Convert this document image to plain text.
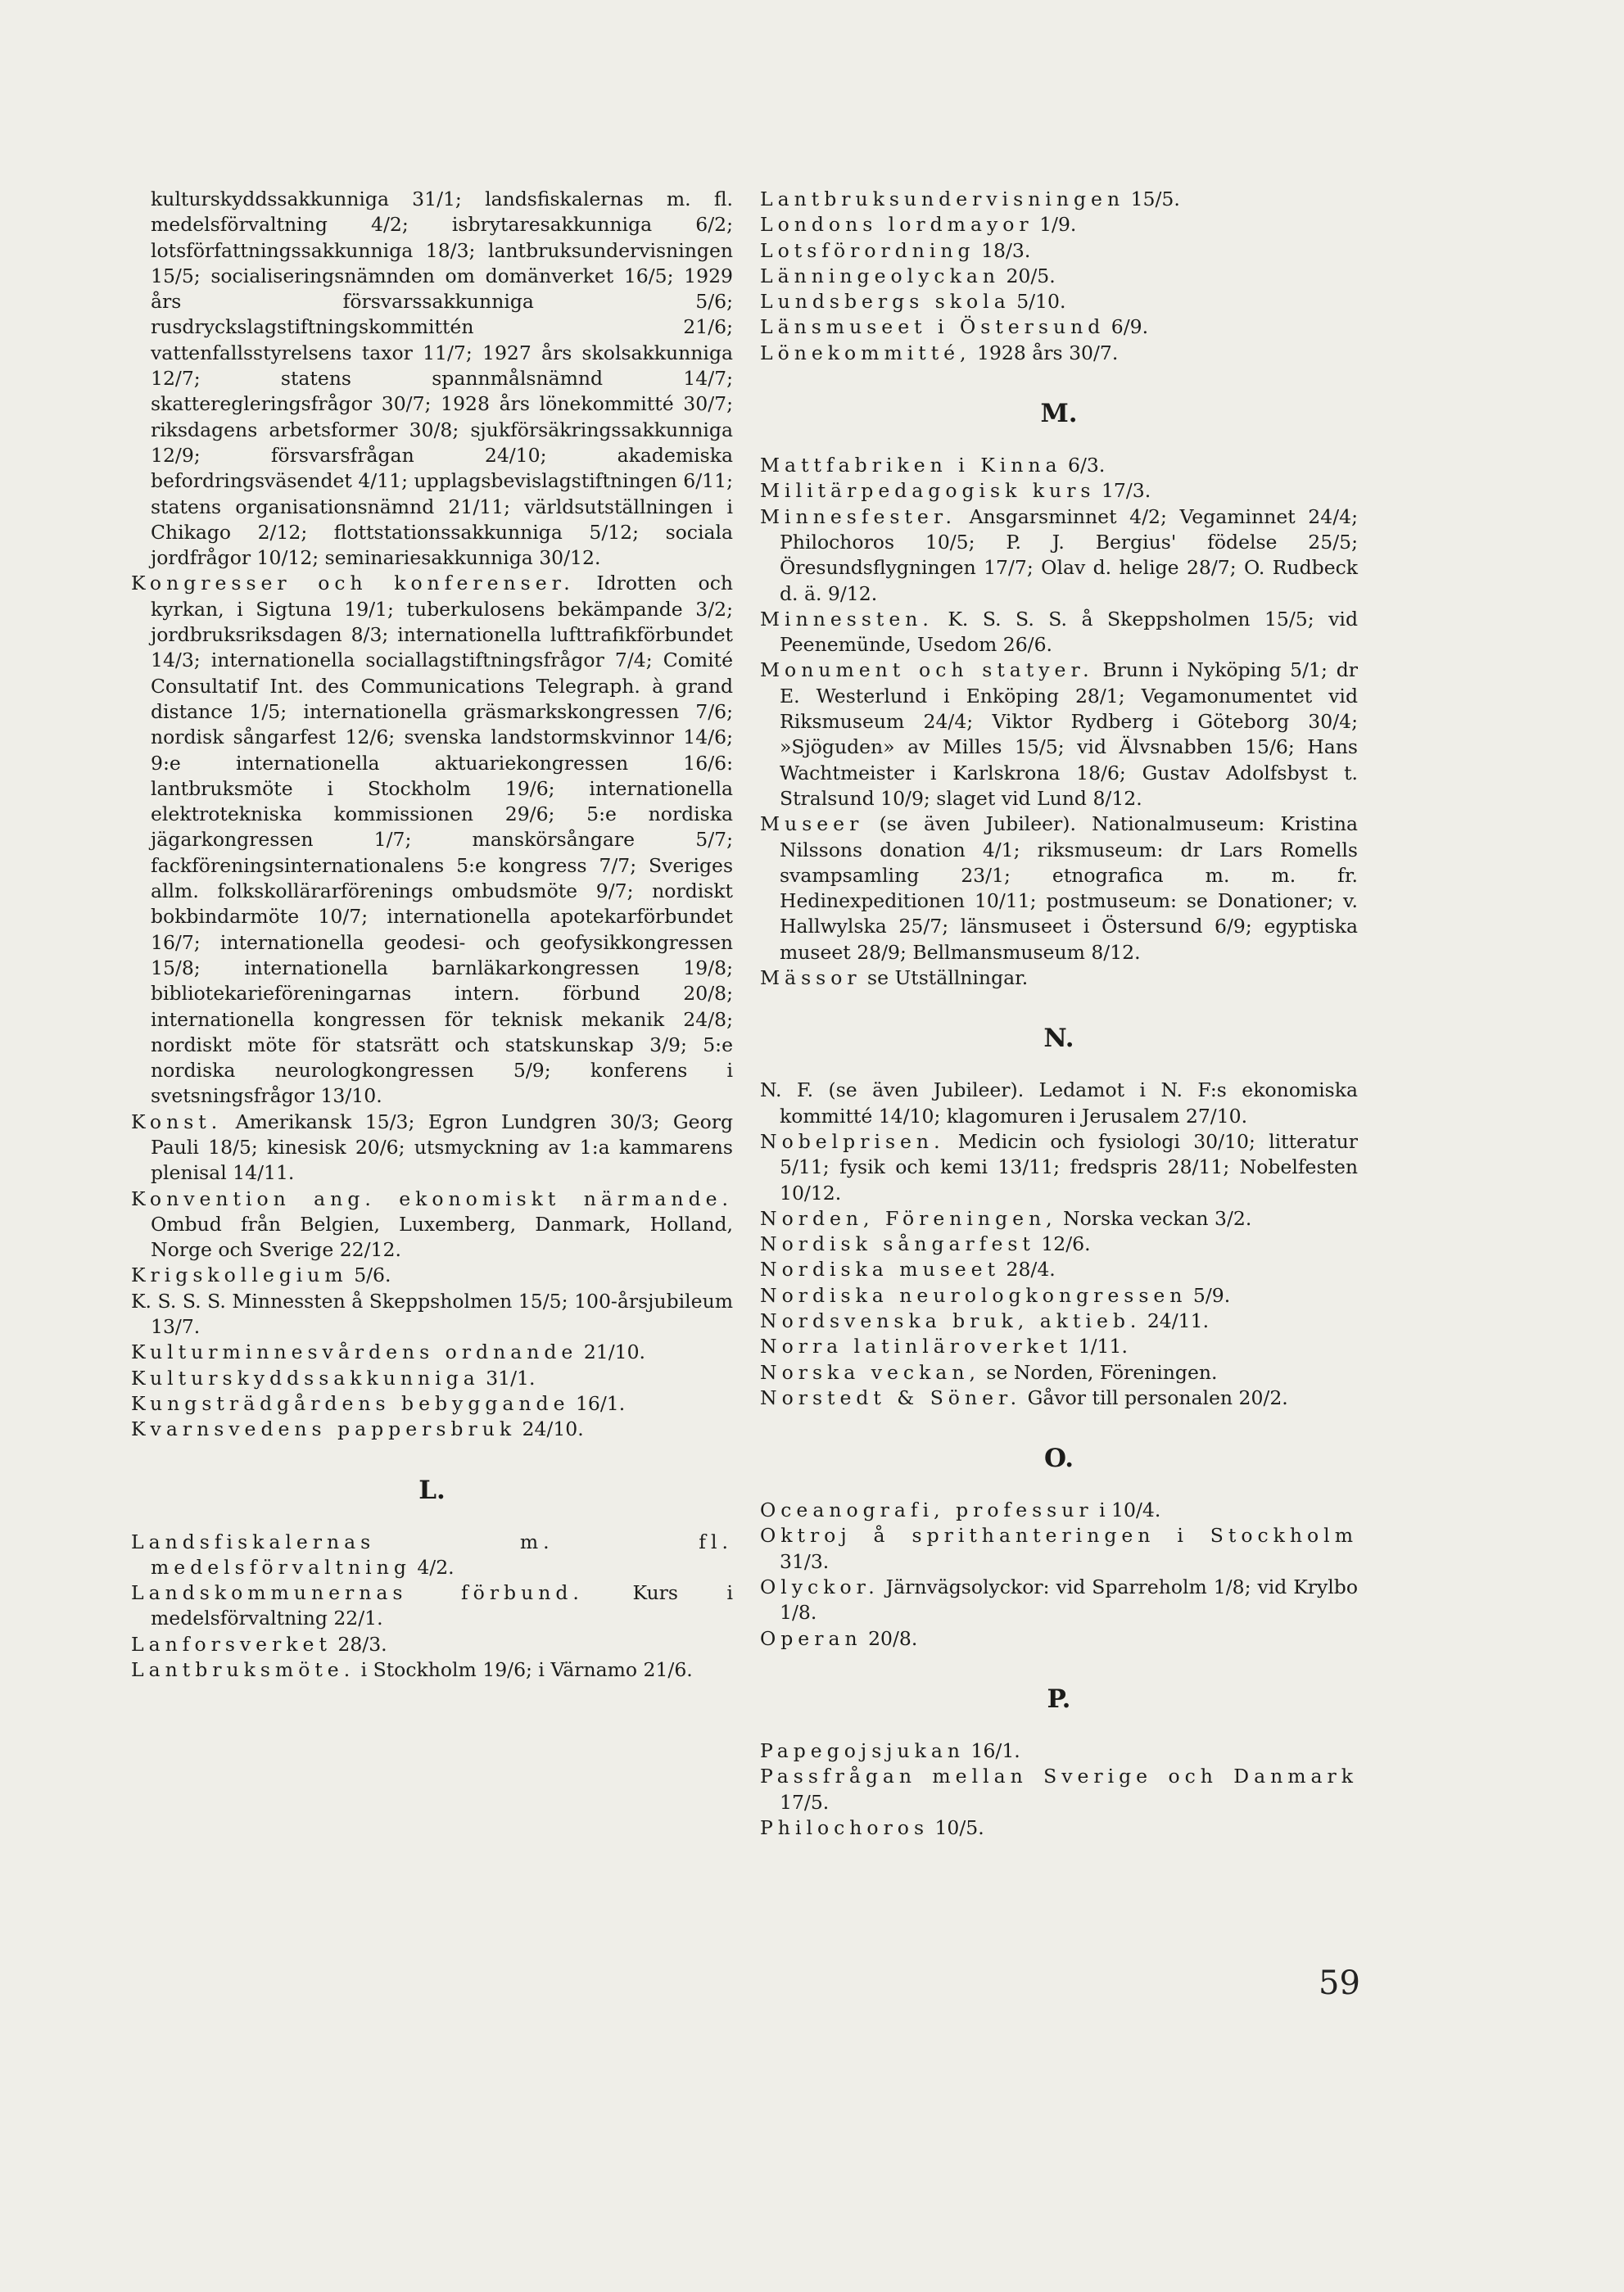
kulturskyddssakkunniga 31/1; landsfiskalernas m. fl. medelsförvaltning 4/2; isbrytaresakkunniga 6/2; lotsförfattningssakkunniga 18/3; lantbruksundervisningen 15/5; socialiseringsnämnden om domänverket 16/5; 1929 års försvarssakkunniga 5/6; rusdryckslagstiftningskommittén 21/6; vattenfallsstyrelsens taxor 11/7; 1927 års skolsakkunniga 12/7; statens spannmålsnämnd 14/7; skatteregleringsfrågor 30/7; 1928 års lönekommitté 30/7; riksdagens arbetsformer 30/8; sjukförsäkringssakkunniga 12/9; försvarsfrågan 24/10; akademiska befordringsväsendet 4/11; upplagsbevislagstiftningen 6/11; statens organisationsnämnd 21/11; världsutställningen i Chikago 2/12; flottstationssakkunniga 5/12; sociala jordfrågor 10/12; seminariesakkunniga 30/12.

Kongresser och konferenser. Idrotten och kyrkan, i Sigtuna 19/1; tuberkulosens bekämpande 3/2; jordbruksriksdagen 8/3; internationella lufttrafikförbundet 14/3; internationella sociallagstiftningsfrågor 7/4; Comité Consultatif Int. des Communications Telegraph. à grand distance 1/5; internationella gräsmarkskongressen 7/6; nordisk sångarfest 12/6; svenska landstormskvinnor 14/6; 9:e internationella aktuariekongressen 16/6: lantbruksmöte i Stockholm 19/6; internationella elektrotekniska kommissionen 29/6; 5:e nordiska jägarkongressen 1/7; manskörsångare 5/7; fackföreningsinternationalens 5:e kongress 7/7; Sveriges allm. folkskollärarförenings ombudsmöte 9/7; nordiskt bokbindarmöte 10/7; internationella apotekarförbundet 16/7; internationella geodesi- och geofysikkongressen 15/8; internationella barnläkarkongressen 19/8; bibliotekarieföreningarnas intern. förbund 20/8; internationella kongressen för teknisk mekanik 24/8; nordiskt möte för statsrätt och statskunskap 3/9; 5:e nordiska neurologkongressen 5/9; konferens i svetsningsfrågor 13/10.

Konst. Amerikansk 15/3; Egron Lundgren 30/3; Georg Pauli 18/5; kinesisk 20/6; utsmyckning av 1:a kammarens plenisal 14/11.

Konvention ang. ekonomiskt närmande. Ombud från Belgien, Luxemberg, Danmark, Holland, Norge och Sverige 22/12.

Krigskollegium 5/6.

K. S. S. S. Minnessten å Skeppsholmen 15/5; 100-årsjubileum 13/7.

Kulturminnesvårdens ordnande 21/10.

Kulturskyddssakkunniga 31/1.

Kungsträdgårdens bebyggande 16/1.

Kvarnsvedens pappersbruk 24/10.

L.

Landsfiskalernas m. fl. medelsförvaltning 4/2.

Landskommunernas förbund. Kurs i medelsförvaltning 22/1.

Lanforsverket 28/3.

Lantbruksmöte. i Stockholm 19/6; i Värnamo 21/6.

Lantbruksundervisningen 15/5.

Londons lordmayor 1/9.

Lotsförordning 18/3.

Länningeolyckan 20/5.

Lundsbergs skola 5/10.

Länsmuseet i Östersund 6/9.

Lönekommitté, 1928 års 30/7.

M.

Mattfabriken i Kinna 6/3.

Militärpedagogisk kurs 17/3.

Minnesfester. Ansgarsminnet 4/2; Vegaminnet 24/4; Philochoros 10/5; P. J. Bergius' födelse 25/5; Öresundsflygningen 17/7; Olav d. helige 28/7; O. Rudbeck d. ä. 9/12.

Minnessten. K. S. S. S. å Skeppsholmen 15/5; vid Peenemünde, Usedom 26/6.

Monument och statyer. Brunn i Nyköping 5/1; dr E. Westerlund i Enköping 28/1; Vegamonumentet vid Riksmuseum 24/4; Viktor Rydberg i Göteborg 30/4; »Sjöguden» av Milles 15/5; vid Älvsnabben 15/6; Hans Wachtmeister i Karlskrona 18/6; Gustav Adolfsbyst t. Stralsund 10/9; slaget vid Lund 8/12.

Museer (se även Jubileer). Nationalmuseum: Kristina Nilssons donation 4/1; riksmuseum: dr Lars Romells svampsamling 23/1; etnografica m. m. fr. Hedinexpeditionen 10/11; postmuseum: se Donationer; v. Hallwylska 25/7; länsmuseet i Östersund 6/9; egyptiska museet 28/9; Bellmansmuseum 8/12.

Mässor se Utställningar.

N.

N. F. (se även Jubileer). Ledamot i N. F:s ekonomiska kommitté 14/10; klagomuren i Jerusalem 27/10.

Nobelprisen. Medicin och fysiologi 30/10; litteratur 5/11; fysik och kemi 13/11; fredspris 28/11; Nobelfesten 10/12.

Norden, Föreningen, Norska veckan 3/2.

Nordisk sångarfest 12/6.

Nordiska museet 28/4.

Nordiska neurologkongressen 5/9.

Nordsvenska bruk, aktieb. 24/11.

Norra latinläroverket 1/11.

Norska veckan, se Norden, Föreningen.

Norstedt & Söner. Gåvor till personalen 20/2.

O.

Oceanografi, professur i 10/4.

Oktroj å sprithanteringen i Stockholm 31/3.

Olyckor. Järnvägsolyckor: vid Sparreholm 1/8; vid Krylbo 1/8.

Operan 20/8.

P.

Papegojsjukan 16/1.

Passfrågan mellan Sverige och Danmark 17/5.

Philochoros 10/5.

59
